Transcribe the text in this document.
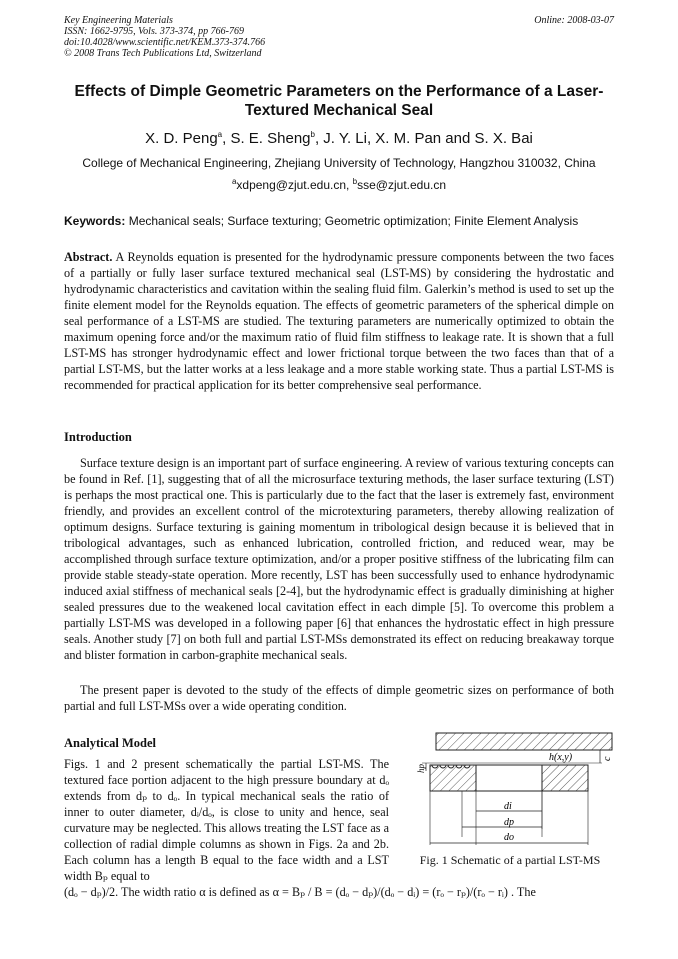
Key Engineering Materials
ISSN: 1662-9795, Vols. 373-374, pp 766-769
doi:10.4028/www.scientific.net/KEM.373-374.766
© 2008 Trans Tech Publications Ltd, Switzerland
Online: 2008-03-07
Effects of Dimple Geometric Parameters on the Performance of a Laser-Textured Mechanical Seal
X. D. Peng$^a$, S. E. Sheng$^b$, J. Y. Li, X. M. Pan and S. X. Bai
College of Mechanical Engineering, Zhejiang University of Technology, Hangzhou 310032, China
$^a$xdpeng@zjut.edu.cn, $^b$sse@zjut.edu.cn
Keywords: Mechanical seals; Surface texturing; Geometric optimization; Finite Element Analysis
Abstract. A Reynolds equation is presented for the hydrodynamic pressure components between the two faces of a partially or fully laser surface textured mechanical seal (LST-MS) by considering the hydrostatic and hydrodynamic characteristics and cavitation within the sealing fluid film. Galerkin’s method is used to set up the finite element model for the Reynolds equation. The effects of geometric parameters of the spherical dimple on seal performance of a LST-MS are studied. The texturing parameters are numerically optimized to obtain the maximum opening force and/or the maximum ratio of fluid film stiffness to leakage rate. It is shown that a full LST-MS has stronger hydrodynamic effect and lower frictional torque between the two faces than that of a partial LST-MS, but the latter works at a less leakage and a more stable working state. Thus a partial LST-MS is recommended for practical application for its better comprehensive seal performance.
Introduction
Surface texture design is an important part of surface engineering. A review of various texturing concepts can be found in Ref. [1], suggesting that of all the microsurface texturing methods, the laser surface texturing (LST) is perhaps the most practical one. This is particularly due to the fact that the laser is extremely fast, environment friendly, and provides an excellent control of the microtexturing parameters, thereby allowing realization of optimum designs. Surface texturing is gaining momentum in tribological design because it is believed that in tribological advantages, such as enhanced lubrication, controlled friction, and reduced wear, may be accomplished through surface texture optimization, and/or a proper positive stiffness of the lubricating film can provide stable steady-state operation. More recently, LST has been successfully used to enhance hydrodynamic induced axial stiffness of mechanical seals [2-4], but the hydrodynamic effect is gradually diminishing at higher sealed pressures due to the weakened local cavitation effect in each dimple [5]. To overcome this problem a partially LST-MS was developed in a following paper [6] that enhances the hydrostatic effect in high pressure seals. Another study [7] on both full and partial LST-MSs demonstrated its effect on reducing breakaway torque and blister formation in carbon-graphite mechanical seals.
The present paper is devoted to the study of the effects of dimple geometric sizes on performance of both partial and full LST-MSs over a wide operating condition.
Analytical Model
Figs. 1 and 2 present schematically the partial LST-MS. The textured face portion adjacent to the high pressure boundary at dₒ extends from dₚ to dₒ. In typical mechanical seals the ratio of inner to outer diameter, dᵢ/dₒ, is close to unity and hence, seal curvature may be neglected. This allows treating the LST face as a collection of radial dimple columns as shown in Figs. 2a and 2b. Each column has a length B equal to the face width and a LST width Bₚ equal to
(dₒ − dₚ)/2. The width ratio α is defined as α = Bₚ / B = (dₒ − dₚ)/(dₒ − dᵢ) = (rₒ − rₚ)/(rₒ − rᵢ) . The
c
h(x,y)
hp
di
dp
do
Fig. 1 Schematic of a partial LST-MS
